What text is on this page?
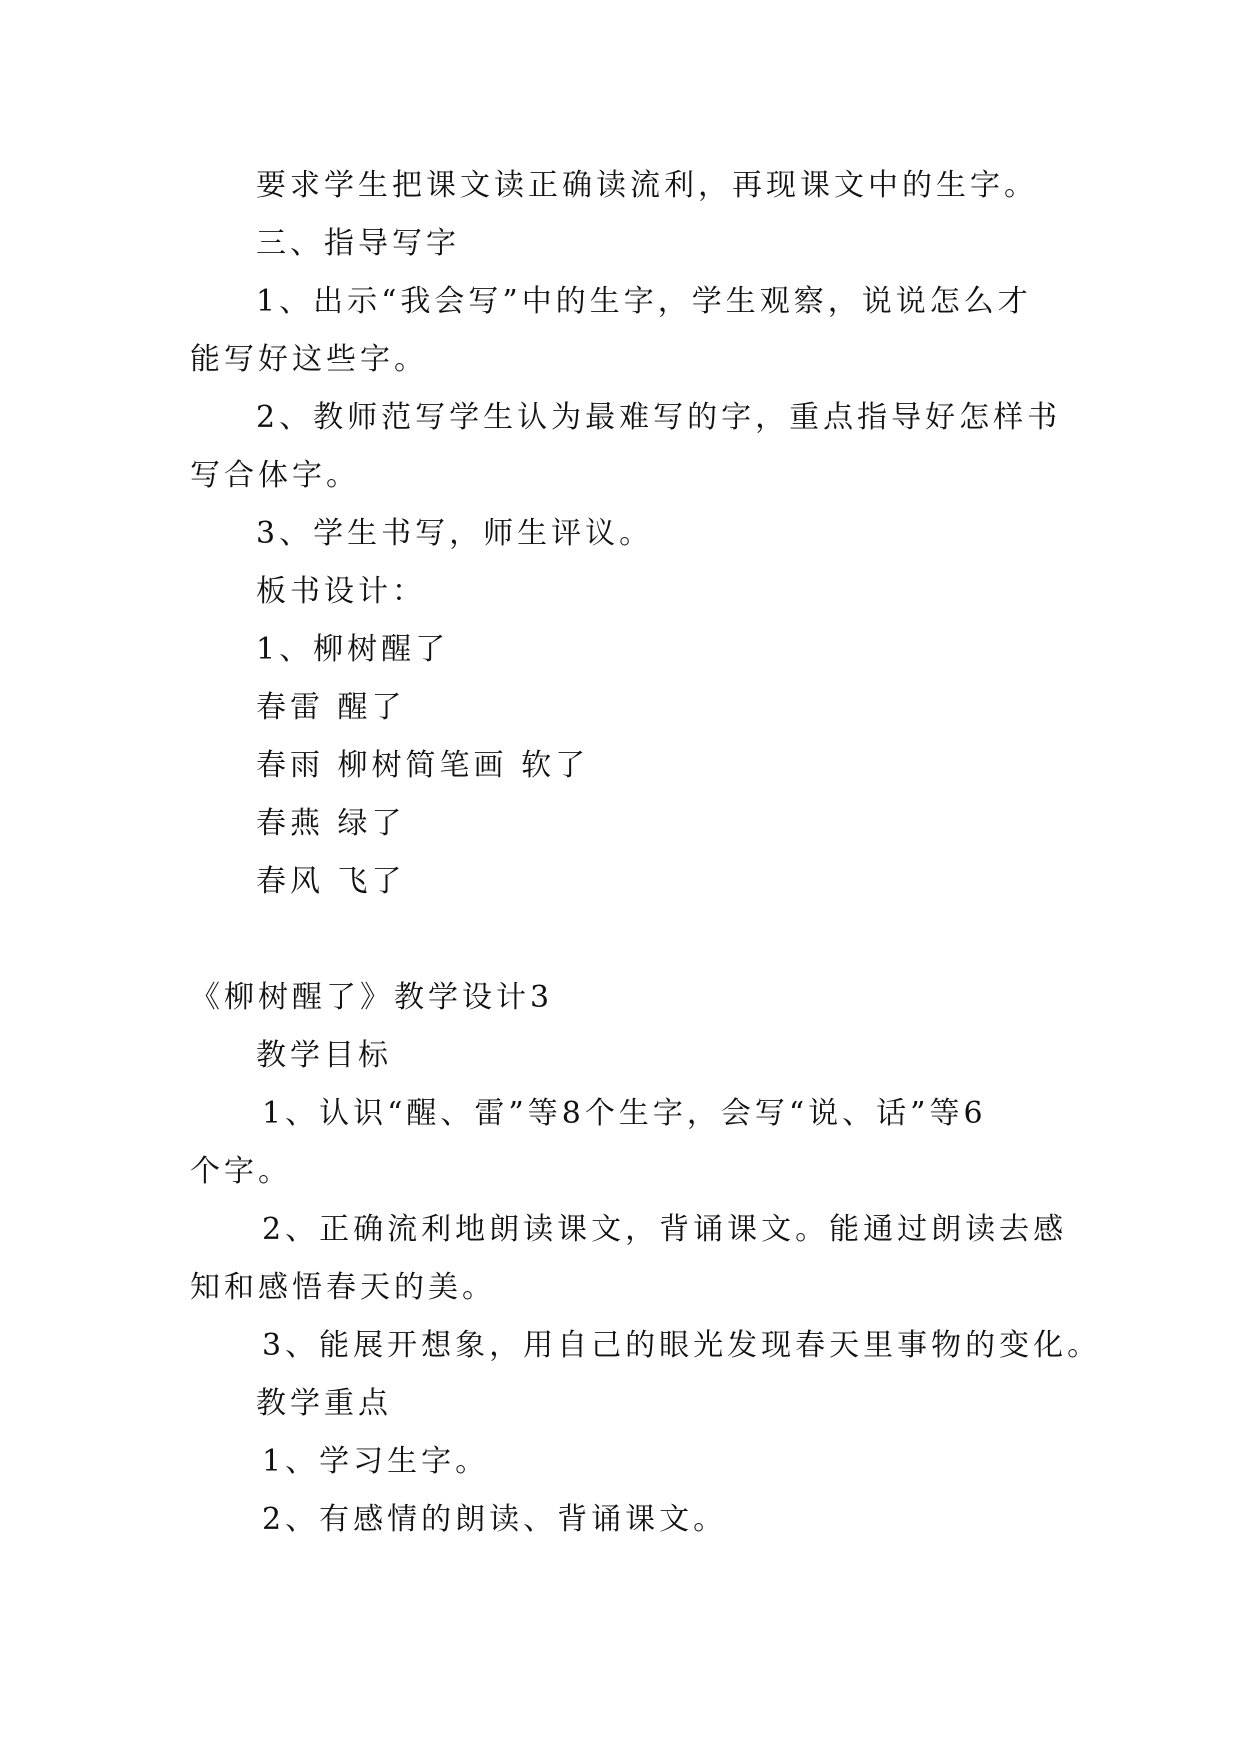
要求学生把课文读正确读流利，再现课文中的生字。
三、指导写字
1、出示“我会写”中的生字，学生观察，说说怎么才
能写好这些字。
2、教师范写学生认为最难写的字，重点指导好怎样书
写合体字。
3、学生书写，师生评议。
板书设计：
1、柳树醒了
春雷 醒了
春雨 柳树简笔画 软了
春燕 绿了
春风 飞了
《柳树醒了》教学设计3
教学目标
1、认识“醒、雷”等8个生字，会写“说、话”等6
个字。
2、正确流利地朗读课文，背诵课文。能通过朗读去感
知和感悟春天的美。
3、能展开想象，用自己的眼光发现春天里事物的变化。
教学重点
1、学习生字。
2、有感情的朗读、背诵课文。
